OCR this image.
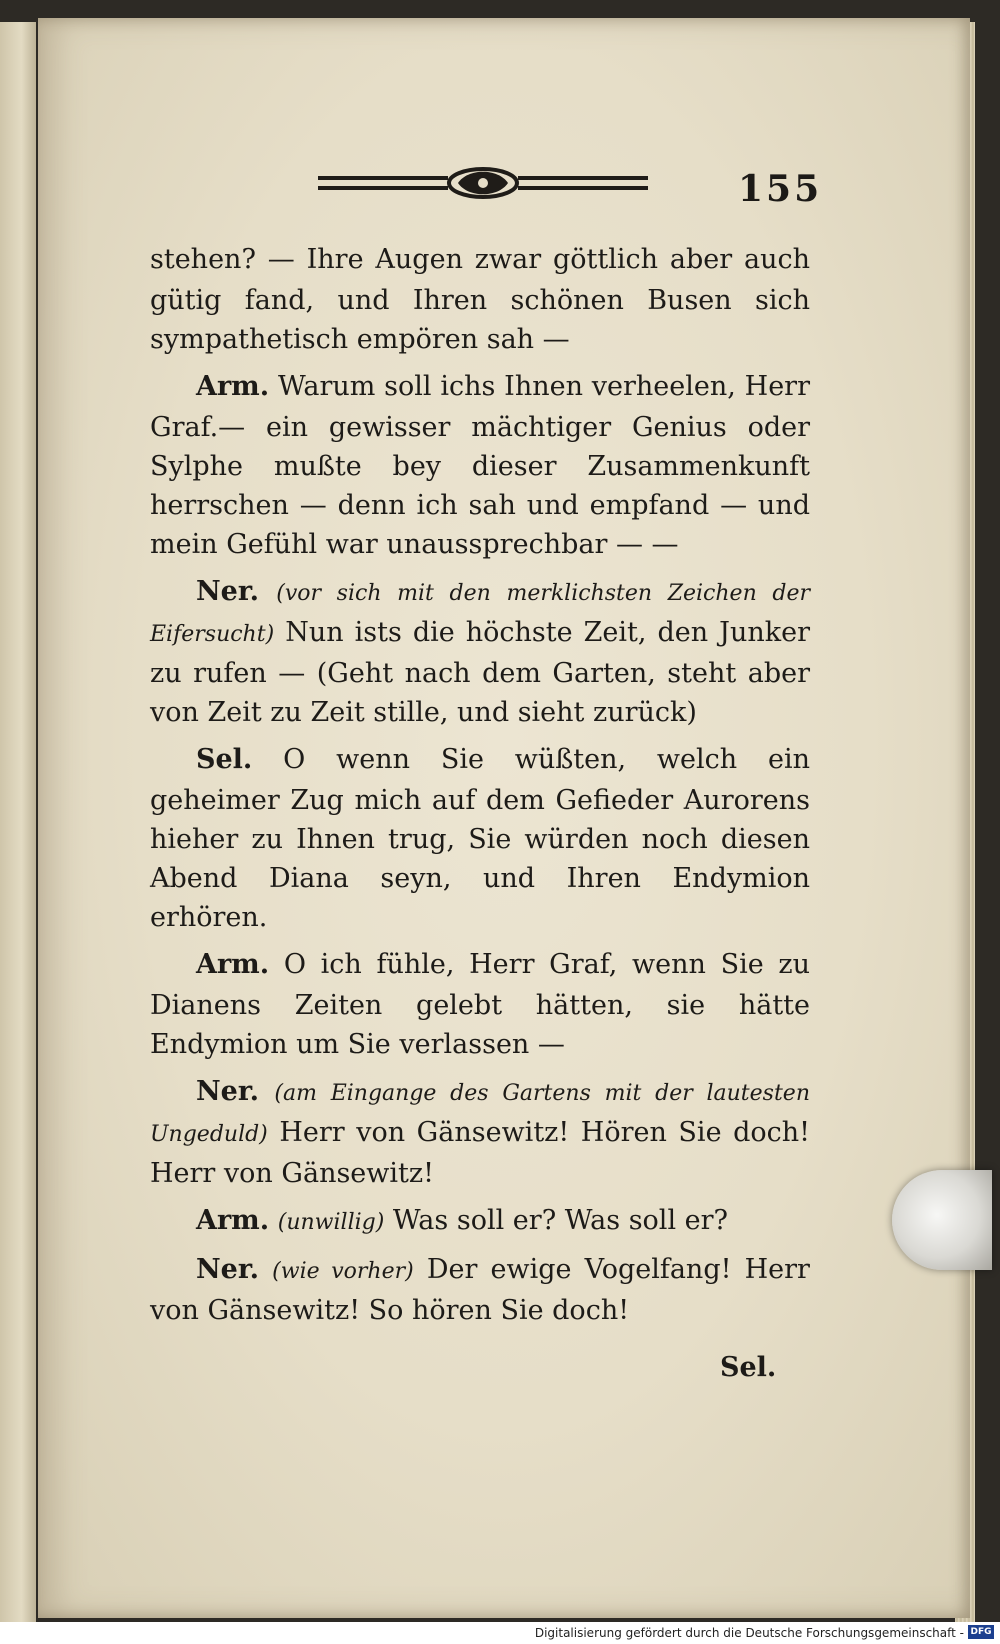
155

stehen? — Ihre Augen zwar göttlich aber auch gütig fand, und Ihren schönen Busen sich sympathetisch empören sah —

Arm. Warum soll ichs Ihnen verheelen, Herr Graf.— ein gewisser mächtiger Genius oder Sylphe mußte bey dieser Zusammenkunft herrschen — denn ich sah und empfand — und mein Gefühl war unaussprechbar — —

Ner. (vor sich mit den merklichsten Zeichen der Eifersucht) Nun ists die höchste Zeit, den Junker zu rufen — (Geht nach dem Garten, steht aber von Zeit zu Zeit stille, und sieht zurück)

Sel. O wenn Sie wüßten, welch ein geheimer Zug mich auf dem Gefieder Aurorens hieher zu Ihnen trug, Sie würden noch diesen Abend Diana seyn, und Ihren Endymion erhören.

Arm. O ich fühle, Herr Graf, wenn Sie zu Dianens Zeiten gelebt hätten, sie hätte Endymion um Sie verlassen —

Ner. (am Eingange des Gartens mit der lautesten Ungeduld) Herr von Gänsewitz! Hören Sie doch! Herr von Gänsewitz!

Arm. (unwillig) Was soll er? Was soll er?

Ner. (wie vorher) Der ewige Vogelfang! Herr von Gänsewitz! So hören Sie doch!

Sel.
Digitalisierung gefördert durch die Deutsche Forschungsgemeinschaft - DFG
